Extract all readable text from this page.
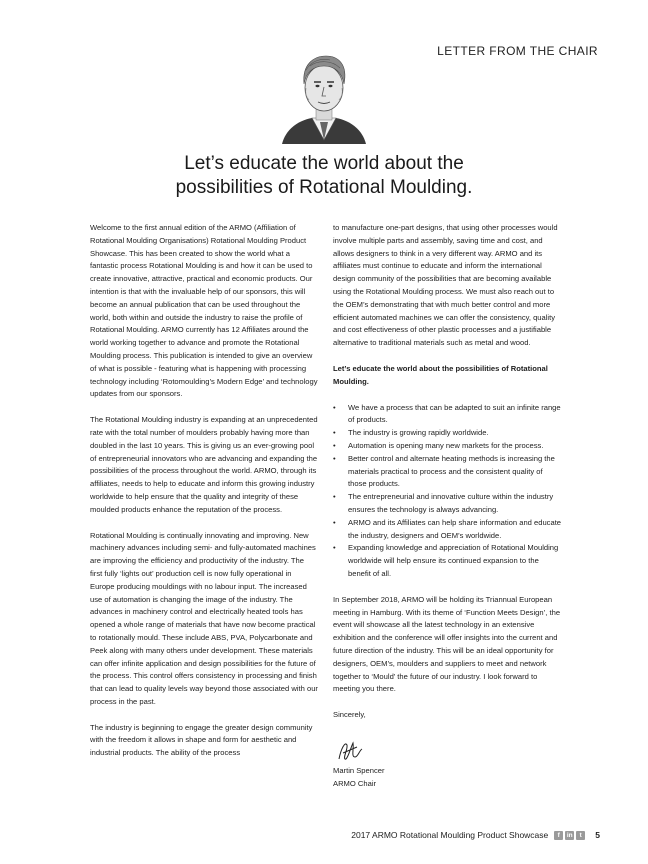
LETTER FROM THE CHAIR
Let’s educate the world about the
possibilities of Rotational Moulding.

Welcome to the first annual edition of the ARMO (Affiliation of Rotational Moulding Organisations) Rotational Moulding Product Showcase. This has been created to show the world what a fantastic process Rotational Moulding is and how it can be used to create innovative, attractive, practical and economic products. Our intention is that with the invaluable help of our sponsors, this will become an annual publication that can be used throughout the world, both within and outside the industry to raise the profile of Rotational Moulding. ARMO currently has 12 Affiliates around the world working together to advance and promote the Rotational Moulding process. This publication is intended to give an overview of what is possible - featuring what is happening with processing technology including ‘Rotomoulding’s Modern Edge’ and technology updates from our sponsors.

The Rotational Moulding industry is expanding at an unprecedented rate with the total number of moulders probably having more than doubled in the last 10 years. This is giving us an ever-growing pool of entrepreneurial innovators who are advancing and expanding the possibilities of the process throughout the world. ARMO, through its affiliates, needs to help to educate and inform this growing industry worldwide to help ensure that the quality and integrity of these moulded products enhance the reputation of the process.

Rotational Moulding is continually innovating and improving. New machinery advances including semi- and fully-automated machines are improving the efficiency and productivity of the industry. The first fully ‘lights out’ production cell is now fully operational in Europe producing mouldings with no labour input. The increased use of automation is changing the image of the industry. The advances in machinery control and electrically heated tools has opened a whole range of materials that have now become practical to rotationally mould. These include ABS, PVA, Polycarbonate and Peek along with many others under development. These materials can offer infinite application and design possibilities for the future of the process. This control offers consistency in processing and finish that can lead to quality levels way beyond those associated with our process in the past.

The industry is beginning to engage the greater design community with the freedom it allows in shape and form for aesthetic and industrial products. The ability of the process

to manufacture one-part designs, that using other processes would involve multiple parts and assembly, saving time and cost, and allows designers to think in a very different way. ARMO and its affiliates must continue to educate and inform the international design community of the possibilities that are becoming available using the Rotational Moulding process. We must also reach out to the OEM’s demonstrating that with much better control and more efficient automated machines we can offer the consistency, quality and cost effectiveness of other plastic processes and a justifiable alternative to traditional materials such as metal and wood.

Let’s educate the world about the possibilities of Rotational Moulding.

• We have a process that can be adapted to suit an infinite range of products.
• The industry is growing rapidly worldwide.
• Automation is opening many new markets for the process.
• Better control and alternate heating methods is increasing the materials practical to process and the consistent quality of those products.
• The entrepreneurial and innovative culture within the industry ensures the technology is always advancing.
• ARMO and its Affiliates can help share information and educate the industry, designers and OEM’s worldwide.
• Expanding knowledge and appreciation of Rotational Moulding worldwide will help ensure its continued expansion to the benefit of all.

In September 2018, ARMO will be holding its Triannual European meeting in Hamburg. With its theme of ‘Function Meets Design’, the event will showcase all the latest technology in an extensive exhibition and the conference will offer insights into the current and future direction of the industry. This will be an ideal opportunity for designers, OEM’s, moulders and suppliers to meet and network together to ‘Mould’ the future of our industry. I look forward to meeting you there.

Sincerely,

Martin Spencer
ARMO Chair
2017 ARMO Rotational Moulding Product Showcase	f	in	t	5
